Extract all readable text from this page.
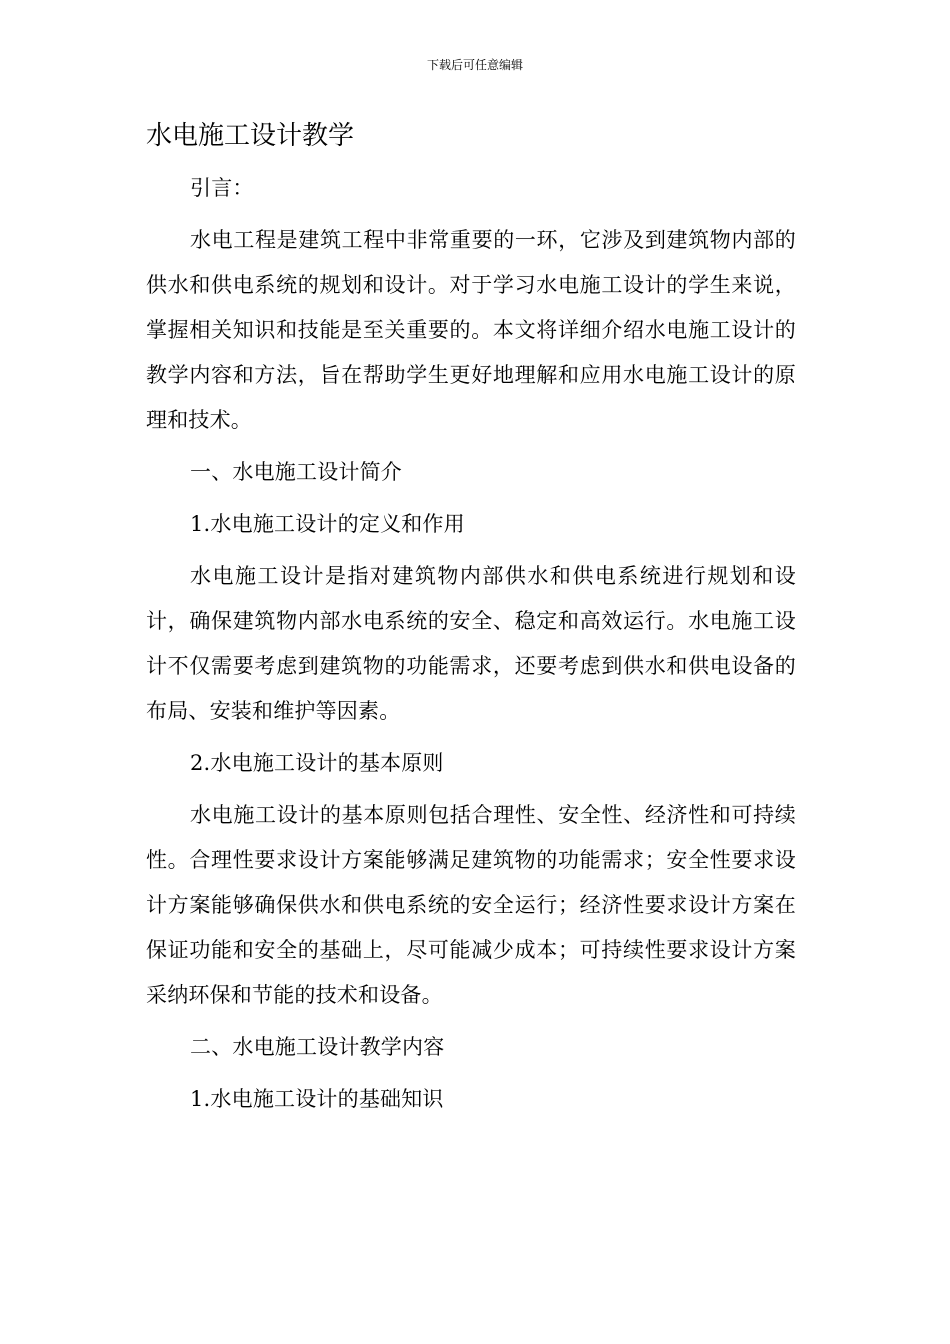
下载后可任意编辑
水电施工设计教学

引言：

水电工程是建筑工程中非常重要的一环，它涉及到建筑物内部的供水和供电系统的规划和设计。对于学习水电施工设计的学生来说，掌握相关知识和技能是至关重要的。本文将详细介绍水电施工设计的教学内容和方法，旨在帮助学生更好地理解和应用水电施工设计的原理和技术。

一、水电施工设计简介

1.水电施工设计的定义和作用

水电施工设计是指对建筑物内部供水和供电系统进行规划和设计，确保建筑物内部水电系统的安全、稳定和高效运行。水电施工设计不仅需要考虑到建筑物的功能需求，还要考虑到供水和供电设备的布局、安装和维护等因素。

2.水电施工设计的基本原则

水电施工设计的基本原则包括合理性、安全性、经济性和可持续性。合理性要求设计方案能够满足建筑物的功能需求；安全性要求设计方案能够确保供水和供电系统的安全运行；经济性要求设计方案在保证功能和安全的基础上，尽可能减少成本；可持续性要求设计方案采纳环保和节能的技术和设备。

二、水电施工设计教学内容

1.水电施工设计的基础知识
